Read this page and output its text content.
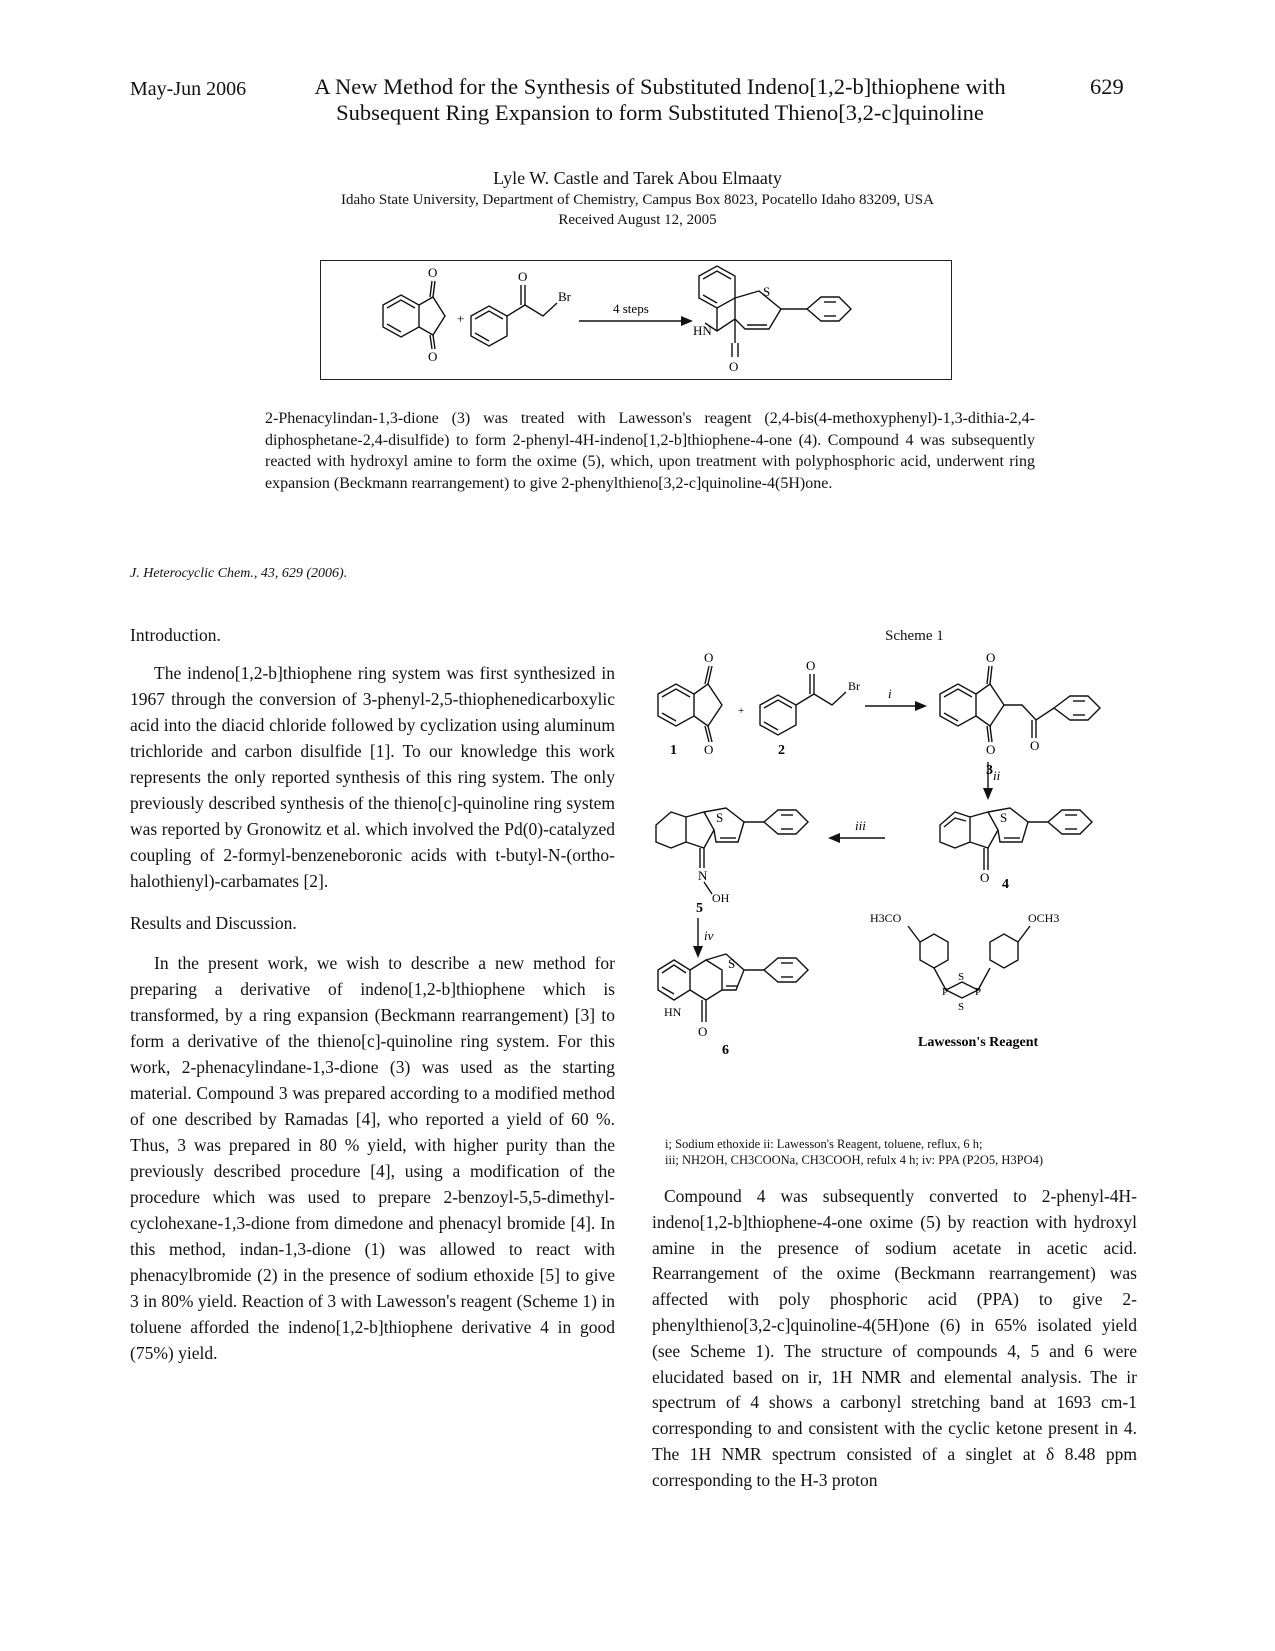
May-Jun 2006	A New Method for the Synthesis of Substituted Indeno[1,2-b]thiophene with
Subsequent Ring Expansion to form Substituted Thieno[3,2-c]quinoline
629
Lyle W. Castle and Tarek Abou Elmaaty
Idaho State University, Department of Chemistry, Campus Box 8023, Pocatello Idaho 83209, USA
Received August 12, 2005
O
O
+
O
Br
4 steps
S
HN
O
2-Phenacylindan-1,3-dione (3) was treated with Lawesson's reagent (2,4-bis(4-methoxyphenyl)-1,3-dithia-2,4-diphosphetane-2,4-disulfide) to form 2-phenyl-4H-indeno[1,2-b]thiophene-4-one (4). Compound 4 was subsequently reacted with hydroxyl amine to form the oxime (5), which, upon treatment with polyphosphoric acid, underwent ring expansion (Beckmann rearrangement) to give 2-phenylthieno[3,2-c]quinoline-4(5H)one.
J. Heterocyclic Chem., 43, 629 (2006).
Introduction.

The indeno[1,2-b]thiophene ring system was first synthesized in 1967 through the conversion of 3-phenyl-2,5-thiophenedicarboxylic acid into the diacid chloride followed by cyclization using aluminum trichloride and carbon disulfide [1]. To our knowledge this work represents the only reported synthesis of this ring system. The only previously described synthesis of the thieno[c]-quinoline ring system was reported by Gronowitz et al. which involved the Pd(0)-catalyzed coupling of 2-formyl-benzeneboronic acids with t-butyl-N-(ortho-halothienyl)-carbamates [2].

Results and Discussion.

In the present work, we wish to describe a new method for preparing a derivative of indeno[1,2-b]thiophene which is transformed, by a ring expansion (Beckmann rearrangement) [3] to form a derivative of the thieno[c]-quinoline ring system. For this work, 2-phenacylindane-1,3-dione (3) was used as the starting material. Compound 3 was prepared according to a modified method of one described by Ramadas [4], who reported a yield of 60 %. Thus, 3 was prepared in 80 % yield, with higher purity than the previously described procedure [4], using a modification of the procedure which was used to prepare 2-benzoyl-5,5-dimethyl-cyclohexane-1,3-dione from dimedone and phenacyl bromide [4]. In this method, indan-1,3-dione (1) was allowed to react with phenacylbromide (2) in the presence of sodium ethoxide [5] to give 3 in 80% yield. Reaction of 3 with Lawesson's reagent (Scheme 1) in toluene afforded the indeno[1,2-b]thiophene derivative 4 in good (75%) yield.

Scheme 1
O
O
1
+
O
Br
2
i
O
O	O
3 ii
S
O 4
iii
S
N
OH
5
iv
S
HN
O
6
H3CO	OCH3
P P
S
S
Lawesson's Reagent
i; Sodium ethoxide ii: Lawesson's Reagent, toluene, reflux, 6 h;
iii; NH2OH, CH3COONa, CH3COOH, refulx 4 h; iv: PPA (P2O5, H3PO4)

Compound 4 was subsequently converted to 2-phenyl-4H-indeno[1,2-b]thiophene-4-one oxime (5) by reaction with hydroxyl amine in the presence of sodium acetate in acetic acid. Rearrangement of the oxime (Beckmann rearrangement) was affected with poly phosphoric acid (PPA) to give 2-phenylthieno[3,2-c]quinoline-4(5H)one (6) in 65% isolated yield (see Scheme 1). The structure of compounds 4, 5 and 6 were elucidated based on ir, 1H NMR and elemental analysis. The ir spectrum of 4 shows a carbonyl stretching band at 1693 cm-1 corresponding to and consistent with the cyclic ketone present in 4. The 1H NMR spectrum consisted of a singlet at δ 8.48 ppm corresponding to the H-3 proton
